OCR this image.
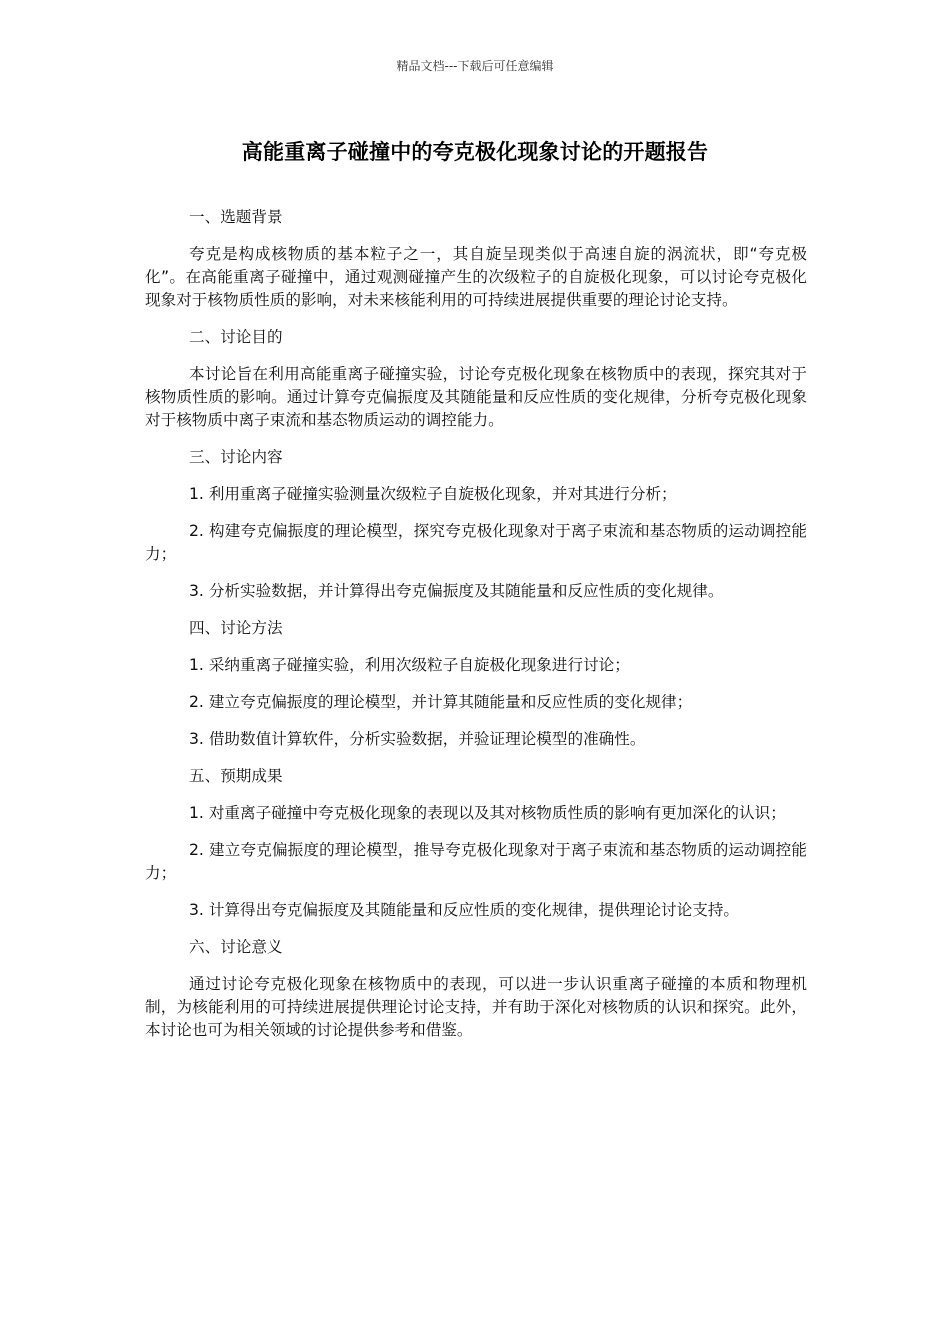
精品文档---下载后可任意编辑
高能重离子碰撞中的夸克极化现象讨论的开题报告
一、选题背景

夸克是构成核物质的基本粒子之一，其自旋呈现类似于高速自旋的涡流状，即“夸克极化”。在高能重离子碰撞中，通过观测碰撞产生的次级粒子的自旋极化现象，可以讨论夸克极化现象对于核物质性质的影响，对未来核能利用的可持续进展提供重要的理论讨论支持。

二、讨论目的

本讨论旨在利用高能重离子碰撞实验，讨论夸克极化现象在核物质中的表现，探究其对于核物质性质的影响。通过计算夸克偏振度及其随能量和反应性质的变化规律，分析夸克极化现象对于核物质中离子束流和基态物质运动的调控能力。

三、讨论内容

1. 利用重离子碰撞实验测量次级粒子自旋极化现象，并对其进行分析；

2. 构建夸克偏振度的理论模型，探究夸克极化现象对于离子束流和基态物质的运动调控能力；

3. 分析实验数据，并计算得出夸克偏振度及其随能量和反应性质的变化规律。

四、讨论方法

1. 采纳重离子碰撞实验，利用次级粒子自旋极化现象进行讨论；

2. 建立夸克偏振度的理论模型，并计算其随能量和反应性质的变化规律；

3. 借助数值计算软件，分析实验数据，并验证理论模型的准确性。

五、预期成果

1. 对重离子碰撞中夸克极化现象的表现以及其对核物质性质的影响有更加深化的认识；

2. 建立夸克偏振度的理论模型，推导夸克极化现象对于离子束流和基态物质的运动调控能力；

3. 计算得出夸克偏振度及其随能量和反应性质的变化规律，提供理论讨论支持。

六、讨论意义

通过讨论夸克极化现象在核物质中的表现，可以进一步认识重离子碰撞的本质和物理机制，为核能利用的可持续进展提供理论讨论支持，并有助于深化对核物质的认识和探究。此外，本讨论也可为相关领域的讨论提供参考和借鉴。
